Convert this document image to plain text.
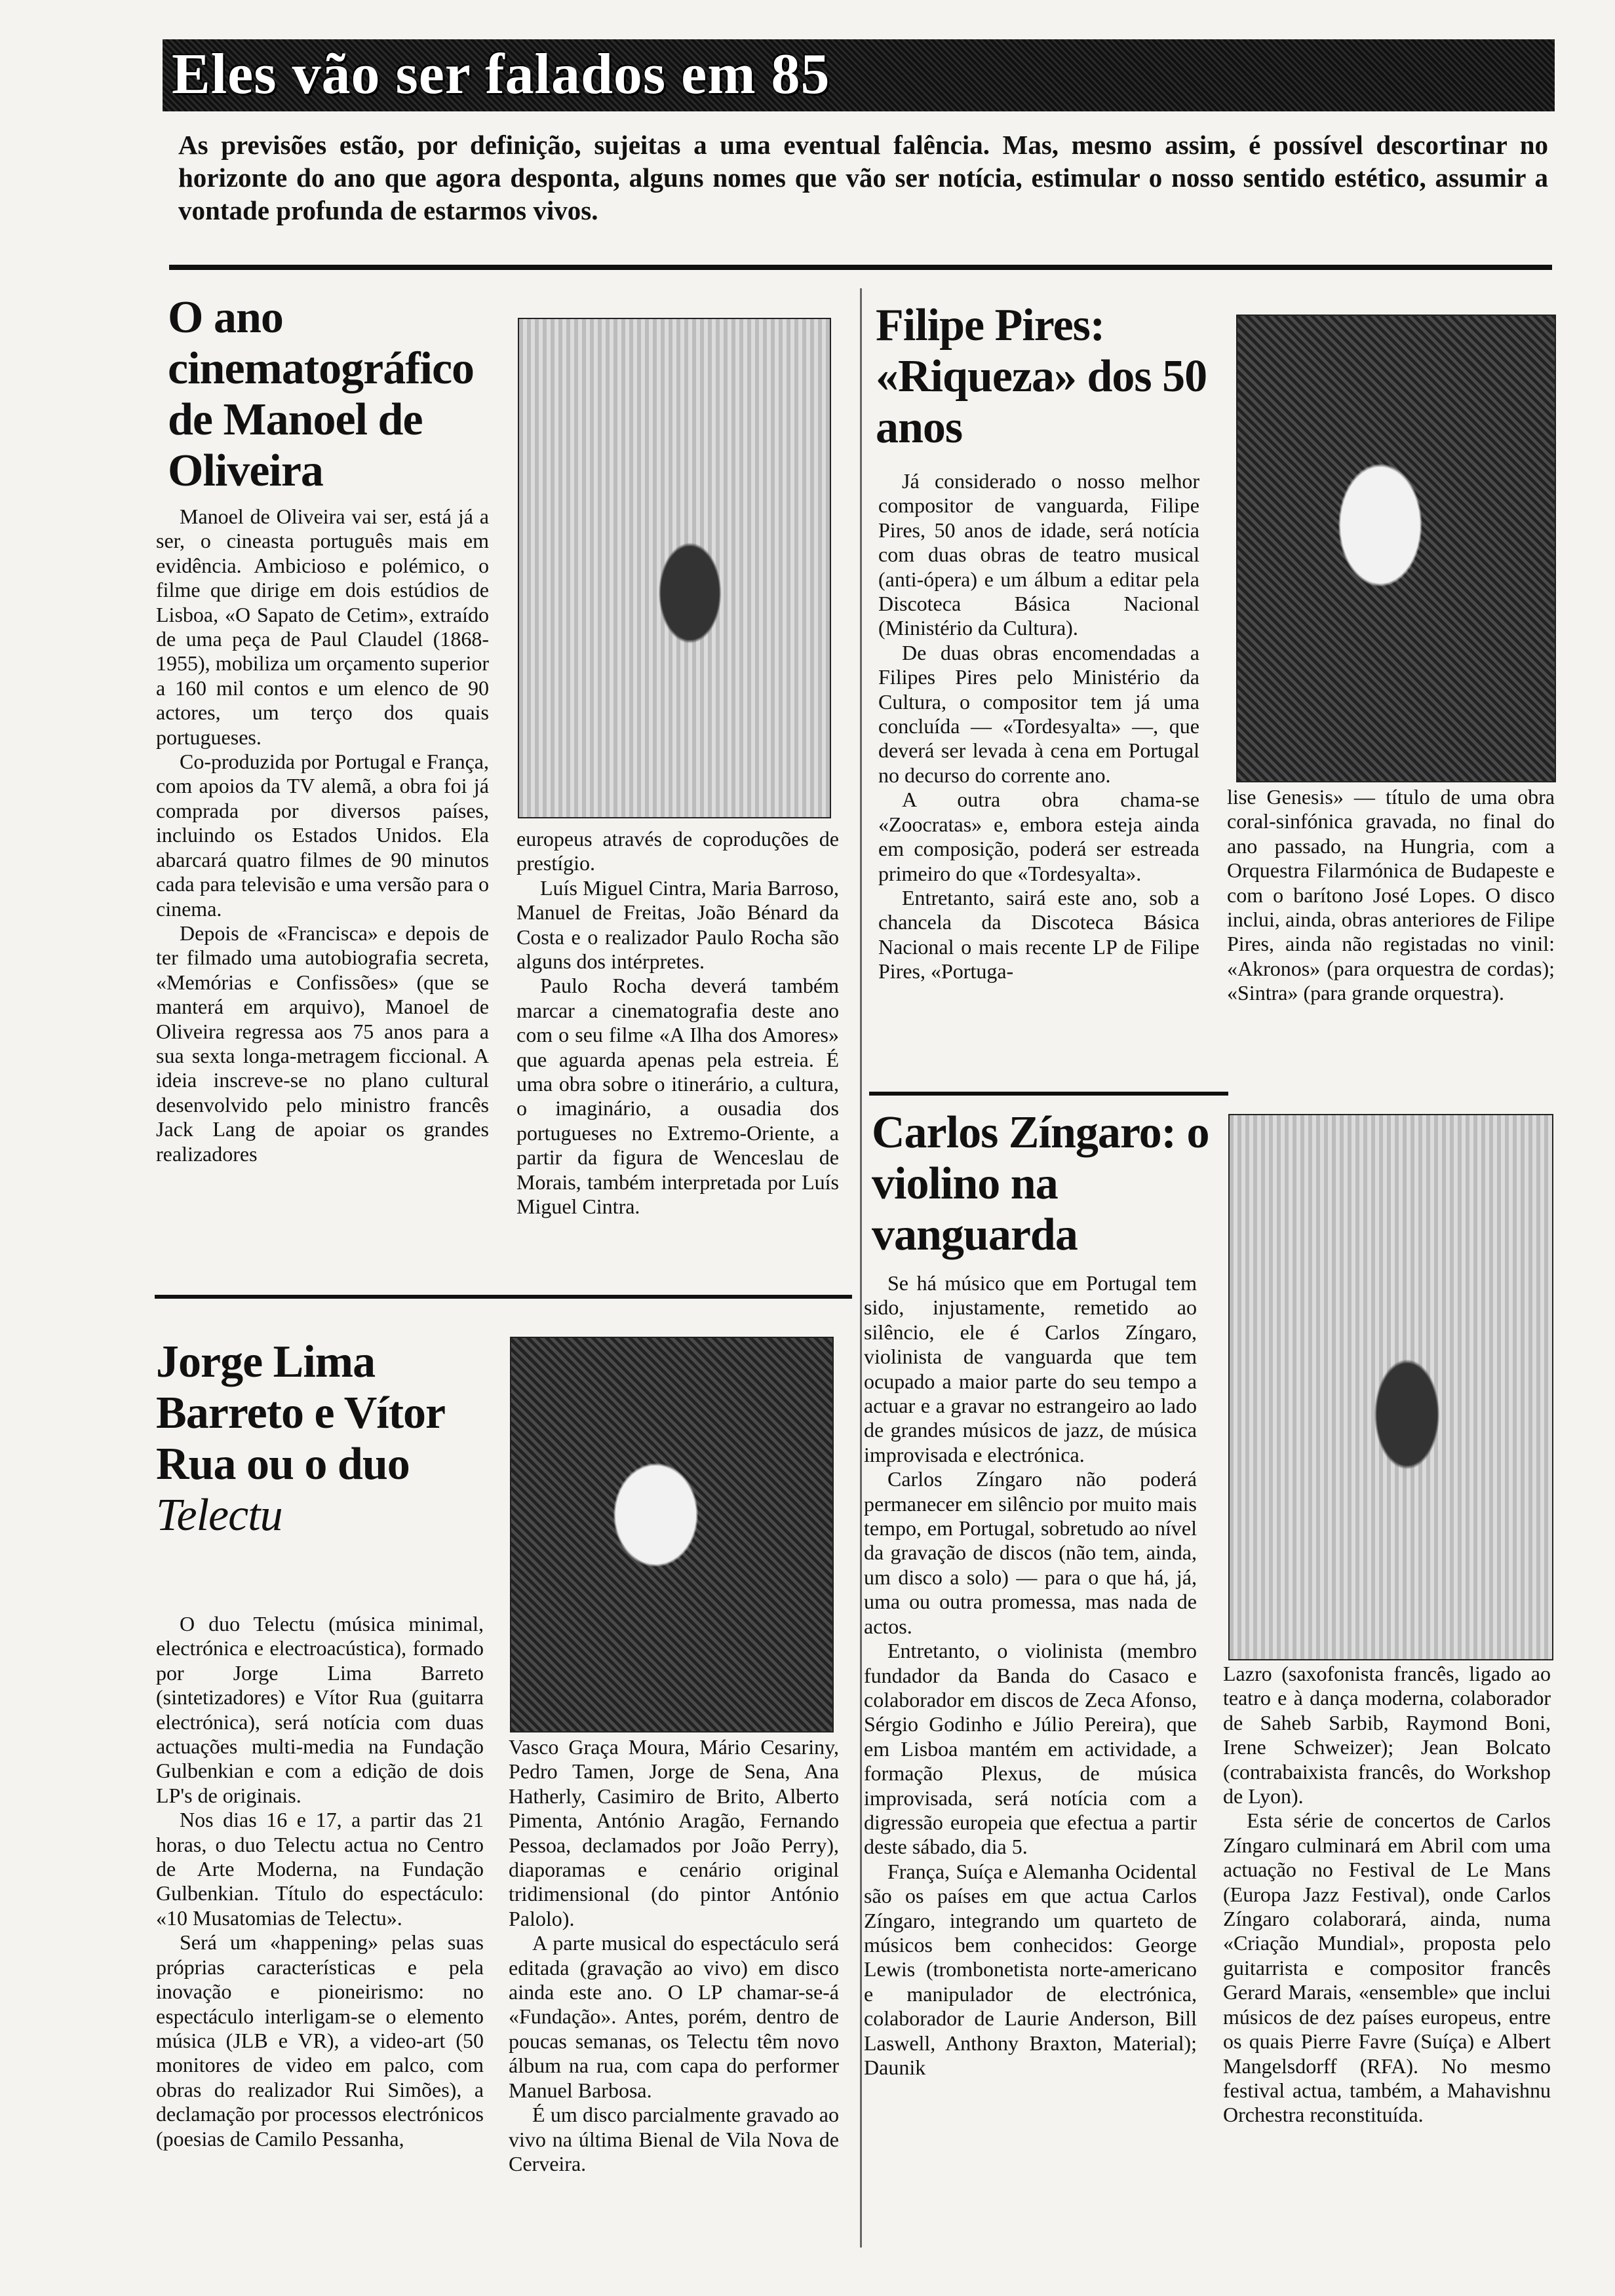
Eles vão ser falados em 85
As previsões estão, por definição, sujeitas a uma eventual falência. Mas, mesmo assim, é possível descortinar no horizonte do ano que agora desponta, alguns nomes que vão ser notícia, estimular o nosso sentido estético, assumir a vontade profunda de estarmos vivos.
O ano cinematográfico de Manoel de Oliveira

Manoel de Oliveira vai ser, está já a ser, o cineasta português mais em evidência. Ambicioso e polémico, o filme que dirige em dois estúdios de Lisboa, «O Sapato de Cetim», extraído de uma peça de Paul Claudel (1868-1955), mobiliza um orçamento superior a 160 mil contos e um elenco de 90 actores, um terço dos quais portugueses.

Co-produzida por Portugal e França, com apoios da TV alemã, a obra foi já comprada por diversos países, incluindo os Estados Unidos. Ela abarcará quatro filmes de 90 minutos cada para televisão e uma versão para o cinema.

Depois de «Francisca» e depois de ter filmado uma autobiografia secreta, «Memórias e Confissões» (que se manterá em arquivo), Manoel de Oliveira regressa aos 75 anos para a sua sexta longa-metragem ficcional. A ideia inscreve-se no plano cultural desenvolvido pelo ministro francês Jack Lang de apoiar os grandes realizadores

europeus através de coproduções de prestígio.

Luís Miguel Cintra, Maria Barroso, Manuel de Freitas, João Bénard da Costa e o realizador Paulo Rocha são alguns dos intérpretes.

Paulo Rocha deverá também marcar a cinematografia deste ano com o seu filme «A Ilha dos Amores» que aguarda apenas pela estreia. É uma obra sobre o itinerário, a cultura, o imaginário, a ousadia dos portugueses no Extremo-Oriente, a partir da figura de Wenceslau de Morais, também interpretada por Luís Miguel Cintra.

Filipe Pires: «Riqueza» dos 50 anos

Já considerado o nosso melhor compositor de vanguarda, Filipe Pires, 50 anos de idade, será notícia com duas obras de teatro musical (anti-ópera) e um álbum a editar pela Discoteca Básica Nacional (Ministério da Cultura).

De duas obras encomendadas a Filipes Pires pelo Ministério da Cultura, o compositor tem já uma concluída — «Tordesyalta» —, que deverá ser levada à cena em Portugal no decurso do corrente ano.

A outra obra chama-se «Zoocratas» e, embora esteja ainda em composição, poderá ser estreada primeiro do que «Tordesyalta».

Entretanto, sairá este ano, sob a chancela da Discoteca Básica Nacional o mais recente LP de Filipe Pires, «Portuga-

lise Genesis» — título de uma obra coral-sinfónica gravada, no final do ano passado, na Hungria, com a Orquestra Filarmónica de Budapeste e com o barítono José Lopes. O disco inclui, ainda, obras anteriores de Filipe Pires, ainda não registadas no vinil: «Akronos» (para orquestra de cordas); «Sintra» (para grande orquestra).

Carlos Zíngaro: o violino na vanguarda

Se há músico que em Portugal tem sido, injustamente, remetido ao silêncio, ele é Carlos Zíngaro, violinista de vanguarda que tem ocupado a maior parte do seu tempo a actuar e a gravar no estrangeiro ao lado de grandes músicos de jazz, de música improvisada e electrónica.

Carlos Zíngaro não poderá permanecer em silêncio por muito mais tempo, em Portugal, sobretudo ao nível da gravação de discos (não tem, ainda, um disco a solo) — para o que há, já, uma ou outra promessa, mas nada de actos.

Entretanto, o violinista (membro fundador da Banda do Casaco e colaborador em discos de Zeca Afonso, Sérgio Godinho e Júlio Pereira), que em Lisboa mantém em actividade, a formação Plexus, de música improvisada, será notícia com a digressão europeia que efectua a partir deste sábado, dia 5.

França, Suíça e Alemanha Ocidental são os países em que actua Carlos Zíngaro, integrando um quarteto de músicos bem conhecidos: George Lewis (trombonetista norte-americano e manipulador de electrónica, colaborador de Laurie Anderson, Bill Laswell, Anthony Braxton, Material); Daunik

Lazro (saxofonista francês, ligado ao teatro e à dança moderna, colaborador de Saheb Sarbib, Raymond Boni, Irene Schweizer); Jean Bolcato (contrabaixista francês, do Workshop de Lyon).

Esta série de concertos de Carlos Zíngaro culminará em Abril com uma actuação no Festival de Le Mans (Europa Jazz Festival), onde Carlos Zíngaro colaborará, ainda, numa «Criação Mundial», proposta pelo guitarrista e compositor francês Gerard Marais, «ensemble» que inclui músicos de dez países europeus, entre os quais Pierre Favre (Suíça) e Albert Mangelsdorff (RFA). No mesmo festival actua, também, a Mahavishnu Orchestra reconstituída.

Jorge Lima Barreto e Vítor Rua ou o duo
Telectu

O duo Telectu (música minimal, electrónica e electroacústica), formado por Jorge Lima Barreto (sintetizadores) e Vítor Rua (guitarra electrónica), será notícia com duas actuações multi-media na Fundação Gulbenkian e com a edição de dois LP's de originais.

Nos dias 16 e 17, a partir das 21 horas, o duo Telectu actua no Centro de Arte Moderna, na Fundação Gulbenkian. Título do espectáculo: «10 Musatomias de Telectu».

Será um «happening» pelas suas próprias características e pela inovação e pioneirismo: no espectáculo interligam-se o elemento música (JLB e VR), a video-art (50 monitores de video em palco, com obras do realizador Rui Simões), a declamação por processos electrónicos (poesias de Camilo Pessanha,

Vasco Graça Moura, Mário Cesariny, Pedro Tamen, Jorge de Sena, Ana Hatherly, Casimiro de Brito, Alberto Pimenta, António Aragão, Fernando Pessoa, declamados por João Perry), diaporamas e cenário original tridimensional (do pintor António Palolo).

A parte musical do espectáculo será editada (gravação ao vivo) em disco ainda este ano. O LP chamar-se-á «Fundação». Antes, porém, dentro de poucas semanas, os Telectu têm novo álbum na rua, com capa do performer Manuel Barbosa.

É um disco parcialmente gravado ao vivo na última Bienal de Vila Nova de Cerveira.
